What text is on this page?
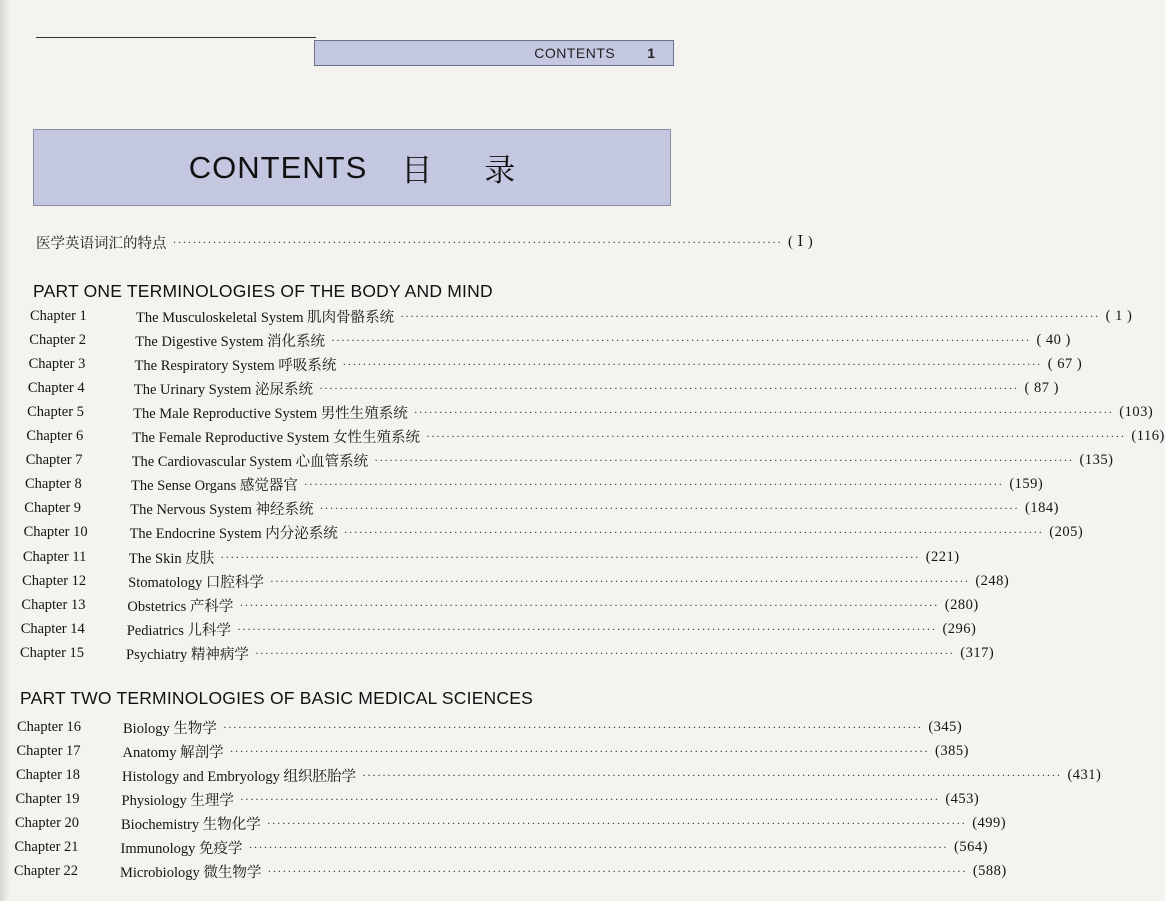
CONTENTS 1
CONTENTS 目录
医学英语词汇的特点 ·························································································································· ( Ⅰ )
PART ONE TERMINOLOGIES OF THE BODY AND MIND
Chapter 1	The Musculoskeletal System 肌肉骨骼系统 ············································································································································ ( 1 )
Chapter 2	The Digestive System 消化系统 ············································································································································ ( 40 )
Chapter 3	The Respiratory System 呼吸系统 ············································································································································ ( 67 )
Chapter 4	The Urinary System 泌尿系统 ············································································································································ ( 87 )
Chapter 5	The Male Reproductive System 男性生殖系统 ············································································································································ (103)
Chapter 6	The Female Reproductive System 女性生殖系统 ············································································································································ (116)
Chapter 7	The Cardiovascular System 心血管系统 ············································································································································ (135)
Chapter 8	The Sense Organs 感觉器官 ············································································································································ (159)
Chapter 9	The Nervous System 神经系统 ············································································································································ (184)
Chapter 10	The Endocrine System 内分泌系统 ············································································································································ (205)
Chapter 11	The Skin 皮肤 ············································································································································ (221)
Chapter 12	Stomatology 口腔科学 ············································································································································ (248)
Chapter 13	Obstetrics 产科学 ············································································································································ (280)
Chapter 14	Pediatrics 儿科学 ············································································································································ (296)
Chapter 15	Psychiatry 精神病学 ············································································································································ (317)
PART TWO TERMINOLOGIES OF BASIC MEDICAL SCIENCES
Chapter 16	Biology 生物学 ············································································································································ (345)
Chapter 17	Anatomy 解剖学 ············································································································································ (385)
Chapter 18	Histology and Embryology 组织胚胎学 ············································································································································ (431)
Chapter 19	Physiology 生理学 ············································································································································ (453)
Chapter 20	Biochemistry 生物化学 ············································································································································ (499)
Chapter 21	Immunology 免疫学 ············································································································································ (564)
Chapter 22	Microbiology 微生物学 ············································································································································ (588)
